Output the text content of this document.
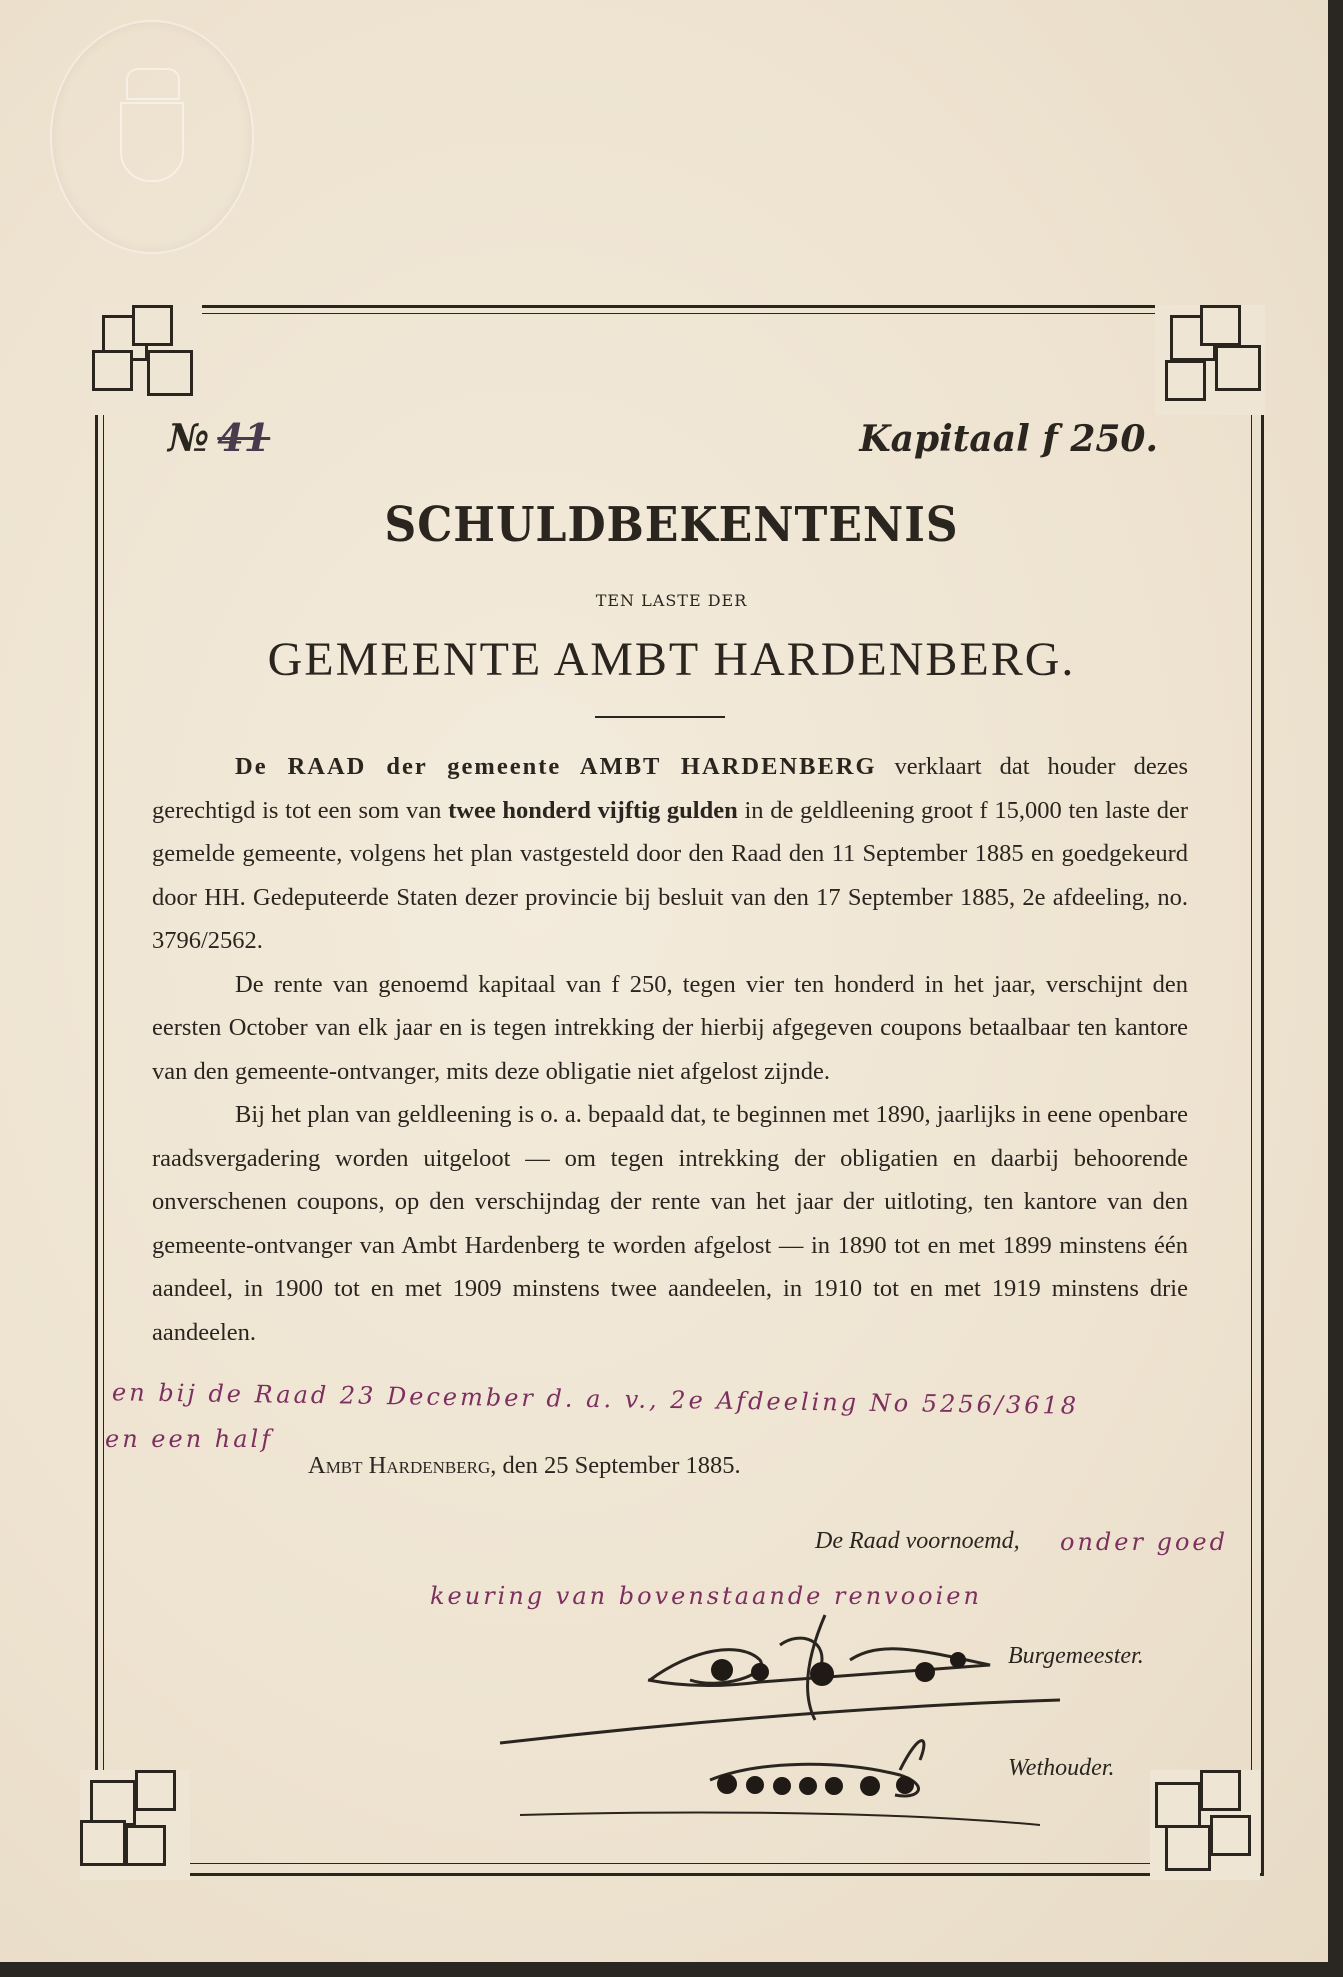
№ 41	Kapitaal f 250.
SCHULDBEKENTENIS
TEN LASTE DER
GEMEENTE AMBT HARDENBERG.

De RAAD der gemeente AMBT HARDENBERG verklaart dat houder dezes gerechtigd is tot een som van twee honderd vijftig gulden in de geldleening groot f 15,000 ten laste der gemelde gemeente, volgens het plan vastgesteld door den Raad den 11 September 1885 en goedgekeurd door HH. Gedeputeerde Staten dezer provincie bij besluit van den 17 September 1885, 2e afdeeling, no. 3796/2562.

De rente van genoemd kapitaal van f 250, tegen vier ten honderd in het jaar, verschijnt den eersten October van elk jaar en is tegen intrekking der hierbij afgegeven coupons betaalbaar ten kantore van den gemeente-ontvanger, mits deze obligatie niet afgelost zijnde.

Bij het plan van geldleening is o. a. bepaald dat, te beginnen met 1890, jaarlijks in eene openbare raadsvergadering worden uitgeloot — om tegen intrekking der obligatien en daarbij behoorende onverschenen coupons, op den verschijndag der rente van het jaar der uitloting, ten kantore van den gemeente-ontvanger van Ambt Hardenberg te worden afgelost — in 1890 tot en met 1899 minstens één aandeel, in 1900 tot en met 1909 minstens twee aandeelen, in 1910 tot en met 1919 minstens drie aandeelen.

en bij de Raad 23 December d. a. v., 2e Afdeeling No 5256/3618
en een half
Ambt Hardenberg, den 25 September 1885.
De Raad voornoemd, onder goed
keuring van bovenstaande renvooien
Burgemeester.
Wethouder.
